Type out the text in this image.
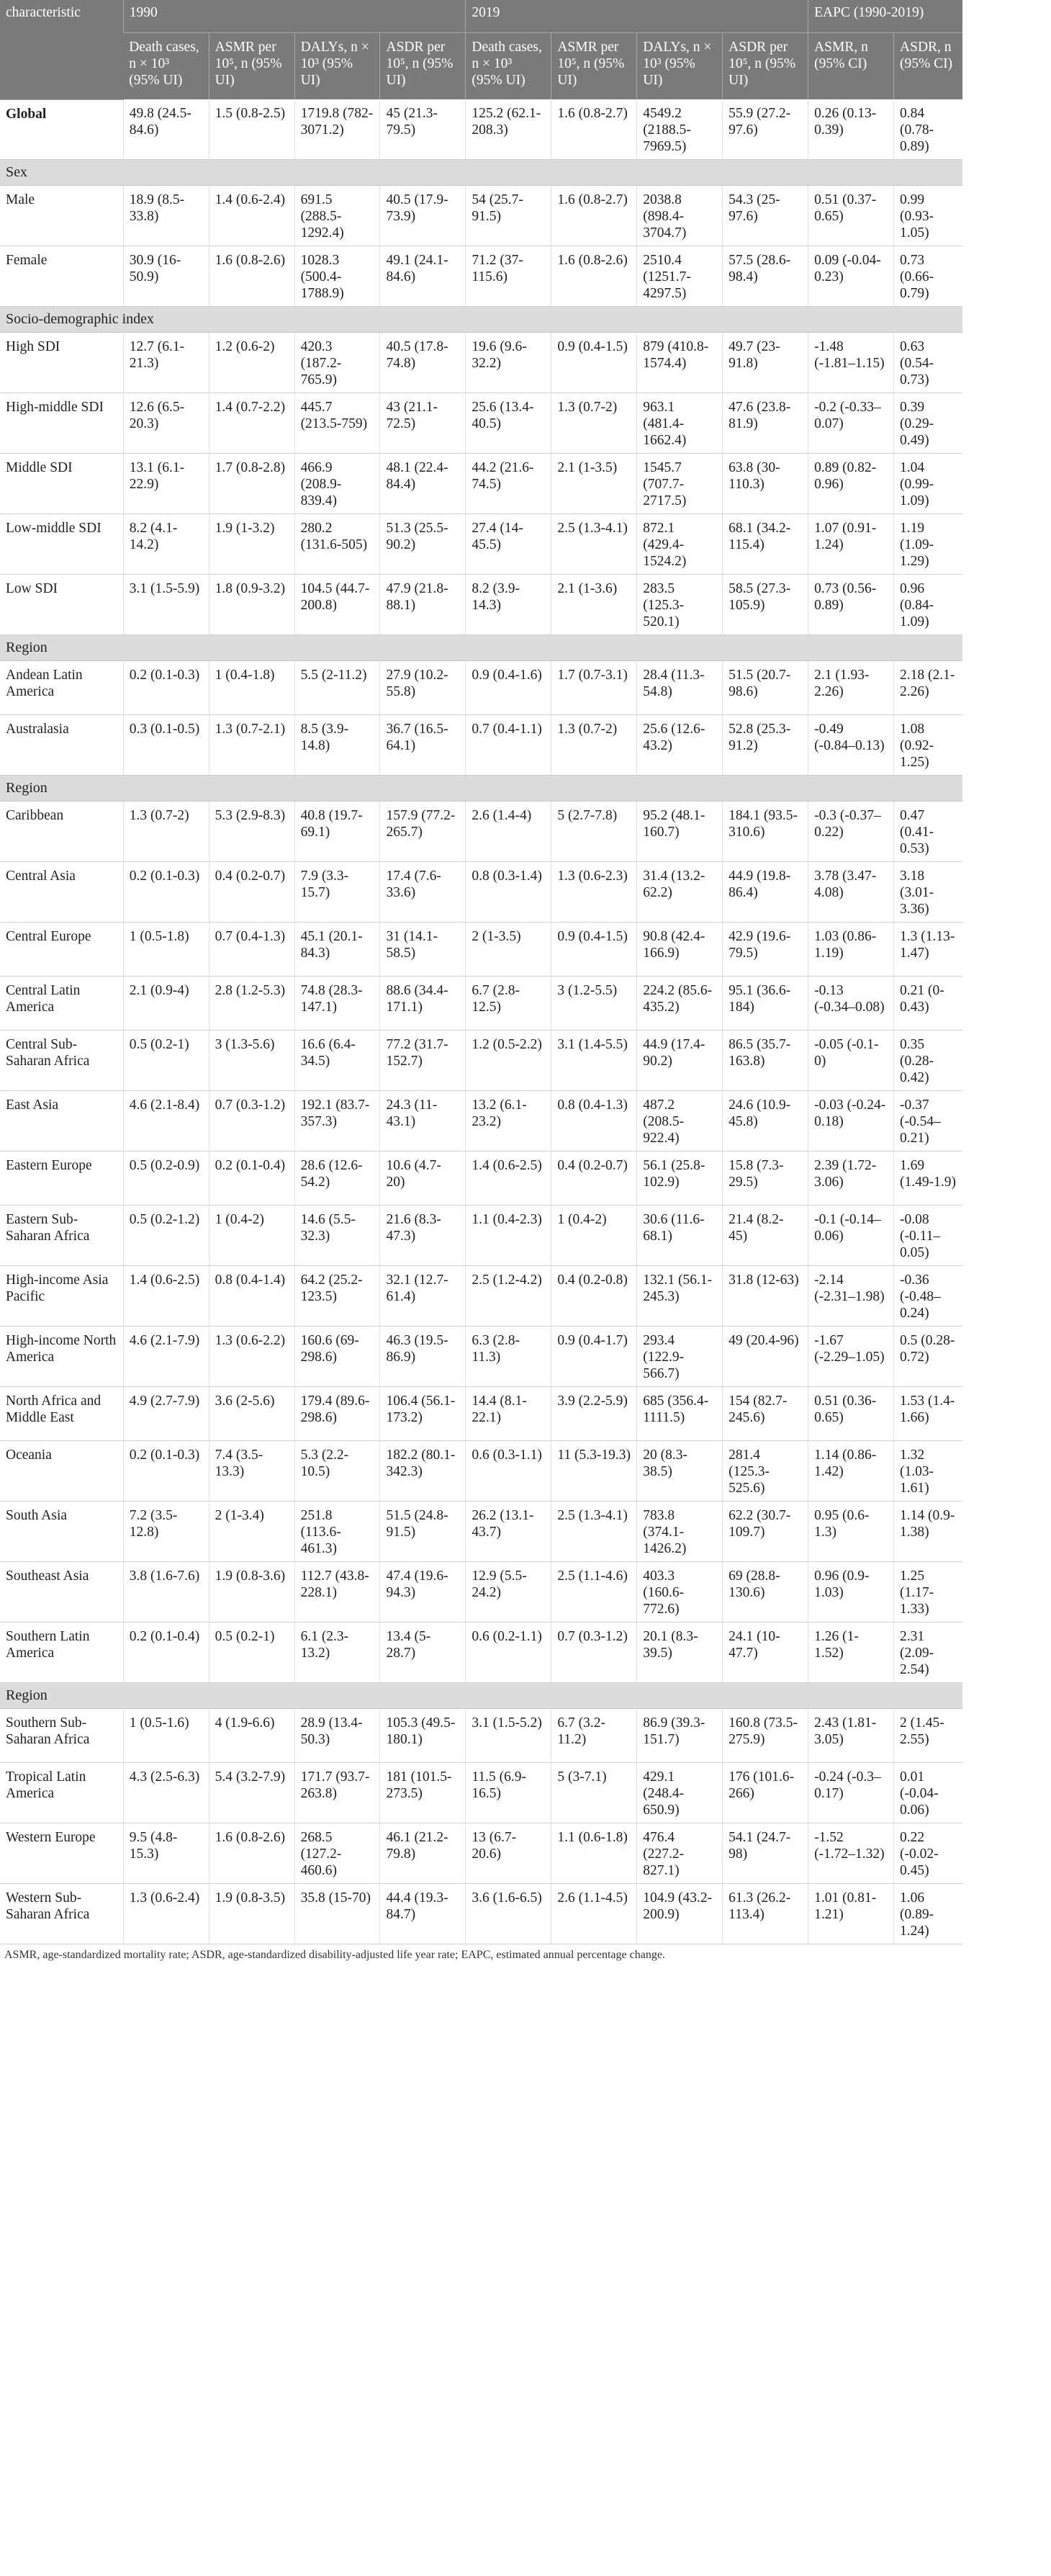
characteristic	1990				2019				EAPC (1990-2019)	
	Death cases, n × 10³ (95% UI)	ASMR per 10⁵, n (95% UI)	DALYs, n × 10³ (95% UI)	ASDR per 10⁵, n (95% UI)	Death cases, n × 10³ (95% UI)	ASMR per 10⁵, n (95% UI)	DALYs, n × 10³ (95% UI)	ASDR per 10⁵, n (95% UI)	ASMR, n (95% CI)	ASDR, n (95% CI)
Global	49.8 (24.5-84.6)	1.5 (0.8-2.5)	1719.8 (782-3071.2)	45 (21.3-79.5)	125.2 (62.1-208.3)	1.6 (0.8-2.7)	4549.2 (2188.5-7969.5)	55.9 (27.2-97.6)	0.26 (0.13-0.39)	0.84 (0.78-0.89)
Sex										
Male	18.9 (8.5-33.8)	1.4 (0.6-2.4)	691.5 (288.5-1292.4)	40.5 (17.9-73.9)	54 (25.7-91.5)	1.6 (0.8-2.7)	2038.8 (898.4-3704.7)	54.3 (25-97.6)	0.51 (0.37-0.65)	0.99 (0.93-1.05)
Female	30.9 (16-50.9)	1.6 (0.8-2.6)	1028.3 (500.4-1788.9)	49.1 (24.1-84.6)	71.2 (37-115.6)	1.6 (0.8-2.6)	2510.4 (1251.7-4297.5)	57.5 (28.6-98.4)	0.09 (-0.04-0.23)	0.73 (0.66-0.79)
Socio-demographic index										
High SDI	12.7 (6.1-21.3)	1.2 (0.6-2)	420.3 (187.2-765.9)	40.5 (17.8-74.8)	19.6 (9.6-32.2)	0.9 (0.4-1.5)	879 (410.8-1574.4)	49.7 (23-91.8)	-1.48 (-1.81–1.15)	0.63 (0.54-0.73)
High-middle SDI	12.6 (6.5-20.3)	1.4 (0.7-2.2)	445.7 (213.5-759)	43 (21.1-72.5)	25.6 (13.4-40.5)	1.3 (0.7-2)	963.1 (481.4-1662.4)	47.6 (23.8-81.9)	-0.2 (-0.33–0.07)	0.39 (0.29-0.49)
Middle SDI	13.1 (6.1-22.9)	1.7 (0.8-2.8)	466.9 (208.9-839.4)	48.1 (22.4-84.4)	44.2 (21.6-74.5)	2.1 (1-3.5)	1545.7 (707.7-2717.5)	63.8 (30-110.3)	0.89 (0.82-0.96)	1.04 (0.99-1.09)
Low-middle SDI	8.2 (4.1-14.2)	1.9 (1-3.2)	280.2 (131.6-505)	51.3 (25.5-90.2)	27.4 (14-45.5)	2.5 (1.3-4.1)	872.1 (429.4-1524.2)	68.1 (34.2-115.4)	1.07 (0.91-1.24)	1.19 (1.09-1.29)
Low SDI	3.1 (1.5-5.9)	1.8 (0.9-3.2)	104.5 (44.7-200.8)	47.9 (21.8-88.1)	8.2 (3.9-14.3)	2.1 (1-3.6)	283.5 (125.3-520.1)	58.5 (27.3-105.9)	0.73 (0.56-0.89)	0.96 (0.84-1.09)
Region										
Andean Latin America	0.2 (0.1-0.3)	1 (0.4-1.8)	5.5 (2-11.2)	27.9 (10.2-55.8)	0.9 (0.4-1.6)	1.7 (0.7-3.1)	28.4 (11.3-54.8)	51.5 (20.7-98.6)	2.1 (1.93-2.26)	2.18 (2.1-2.26)
Australasia	0.3 (0.1-0.5)	1.3 (0.7-2.1)	8.5 (3.9-14.8)	36.7 (16.5-64.1)	0.7 (0.4-1.1)	1.3 (0.7-2)	25.6 (12.6-43.2)	52.8 (25.3-91.2)	-0.49 (-0.84–0.13)	1.08 (0.92-1.25)
Region										
Caribbean	1.3 (0.7-2)	5.3 (2.9-8.3)	40.8 (19.7-69.1)	157.9 (77.2-265.7)	2.6 (1.4-4)	5 (2.7-7.8)	95.2 (48.1-160.7)	184.1 (93.5-310.6)	-0.3 (-0.37–0.22)	0.47 (0.41-0.53)
Central Asia	0.2 (0.1-0.3)	0.4 (0.2-0.7)	7.9 (3.3-15.7)	17.4 (7.6-33.6)	0.8 (0.3-1.4)	1.3 (0.6-2.3)	31.4 (13.2-62.2)	44.9 (19.8-86.4)	3.78 (3.47-4.08)	3.18 (3.01-3.36)
Central Europe	1 (0.5-1.8)	0.7 (0.4-1.3)	45.1 (20.1-84.3)	31 (14.1-58.5)	2 (1-3.5)	0.9 (0.4-1.5)	90.8 (42.4-166.9)	42.9 (19.6-79.5)	1.03 (0.86-1.19)	1.3 (1.13-1.47)
Central Latin America	2.1 (0.9-4)	2.8 (1.2-5.3)	74.8 (28.3-147.1)	88.6 (34.4-171.1)	6.7 (2.8-12.5)	3 (1.2-5.5)	224.2 (85.6-435.2)	95.1 (36.6-184)	-0.13 (-0.34–0.08)	0.21 (0-0.43)
Central Sub-Saharan Africa	0.5 (0.2-1)	3 (1.3-5.6)	16.6 (6.4-34.5)	77.2 (31.7-152.7)	1.2 (0.5-2.2)	3.1 (1.4-5.5)	44.9 (17.4-90.2)	86.5 (35.7-163.8)	-0.05 (-0.1-0)	0.35 (0.28-0.42)
East Asia	4.6 (2.1-8.4)	0.7 (0.3-1.2)	192.1 (83.7-357.3)	24.3 (11-43.1)	13.2 (6.1-23.2)	0.8 (0.4-1.3)	487.2 (208.5-922.4)	24.6 (10.9-45.8)	-0.03 (-0.24-0.18)	-0.37 (-0.54–0.21)
Eastern Europe	0.5 (0.2-0.9)	0.2 (0.1-0.4)	28.6 (12.6-54.2)	10.6 (4.7-20)	1.4 (0.6-2.5)	0.4 (0.2-0.7)	56.1 (25.8-102.9)	15.8 (7.3-29.5)	2.39 (1.72-3.06)	1.69 (1.49-1.9)
Eastern Sub-Saharan Africa	0.5 (0.2-1.2)	1 (0.4-2)	14.6 (5.5-32.3)	21.6 (8.3-47.3)	1.1 (0.4-2.3)	1 (0.4-2)	30.6 (11.6-68.1)	21.4 (8.2-45)	-0.1 (-0.14–0.06)	-0.08 (-0.11–0.05)
High-income Asia Pacific	1.4 (0.6-2.5)	0.8 (0.4-1.4)	64.2 (25.2-123.5)	32.1 (12.7-61.4)	2.5 (1.2-4.2)	0.4 (0.2-0.8)	132.1 (56.1-245.3)	31.8 (12-63)	-2.14 (-2.31–1.98)	-0.36 (-0.48–0.24)
High-income North America	4.6 (2.1-7.9)	1.3 (0.6-2.2)	160.6 (69-298.6)	46.3 (19.5-86.9)	6.3 (2.8-11.3)	0.9 (0.4-1.7)	293.4 (122.9-566.7)	49 (20.4-96)	-1.67 (-2.29–1.05)	0.5 (0.28-0.72)
North Africa and Middle East	4.9 (2.7-7.9)	3.6 (2-5.6)	179.4 (89.6-298.6)	106.4 (56.1-173.2)	14.4 (8.1-22.1)	3.9 (2.2-5.9)	685 (356.4-1111.5)	154 (82.7-245.6)	0.51 (0.36-0.65)	1.53 (1.4-1.66)
Oceania	0.2 (0.1-0.3)	7.4 (3.5-13.3)	5.3 (2.2-10.5)	182.2 (80.1-342.3)	0.6 (0.3-1.1)	11 (5.3-19.3)	20 (8.3-38.5)	281.4 (125.3-525.6)	1.14 (0.86-1.42)	1.32 (1.03-1.61)
South Asia	7.2 (3.5-12.8)	2 (1-3.4)	251.8 (113.6-461.3)	51.5 (24.8-91.5)	26.2 (13.1-43.7)	2.5 (1.3-4.1)	783.8 (374.1-1426.2)	62.2 (30.7-109.7)	0.95 (0.6-1.3)	1.14 (0.9-1.38)
Southeast Asia	3.8 (1.6-7.6)	1.9 (0.8-3.6)	112.7 (43.8-228.1)	47.4 (19.6-94.3)	12.9 (5.5-24.2)	2.5 (1.1-4.6)	403.3 (160.6-772.6)	69 (28.8-130.6)	0.96 (0.9-1.03)	1.25 (1.17-1.33)
Southern Latin America	0.2 (0.1-0.4)	0.5 (0.2-1)	6.1 (2.3-13.2)	13.4 (5-28.7)	0.6 (0.2-1.1)	0.7 (0.3-1.2)	20.1 (8.3-39.5)	24.1 (10-47.7)	1.26 (1-1.52)	2.31 (2.09-2.54)
Region										
Southern Sub-Saharan Africa	1 (0.5-1.6)	4 (1.9-6.6)	28.9 (13.4-50.3)	105.3 (49.5-180.1)	3.1 (1.5-5.2)	6.7 (3.2-11.2)	86.9 (39.3-151.7)	160.8 (73.5-275.9)	2.43 (1.81-3.05)	2 (1.45-2.55)
Tropical Latin America	4.3 (2.5-6.3)	5.4 (3.2-7.9)	171.7 (93.7-263.8)	181 (101.5-273.5)	11.5 (6.9-16.5)	5 (3-7.1)	429.1 (248.4-650.9)	176 (101.6-266)	-0.24 (-0.3–0.17)	0.01 (-0.04-0.06)
Western Europe	9.5 (4.8-15.3)	1.6 (0.8-2.6)	268.5 (127.2-460.6)	46.1 (21.2-79.8)	13 (6.7-20.6)	1.1 (0.6-1.8)	476.4 (227.2-827.1)	54.1 (24.7-98)	-1.52 (-1.72–1.32)	0.22 (-0.02-0.45)
Western Sub-Saharan Africa	1.3 (0.6-2.4)	1.9 (0.8-3.5)	35.8 (15-70)	44.4 (19.3-84.7)	3.6 (1.6-6.5)	2.6 (1.1-4.5)	104.9 (43.2-200.9)	61.3 (26.2-113.4)	1.01 (0.81-1.21)	1.06 (0.89-1.24)
ASMR, age-standardized mortality rate; ASDR, age-standardized disability-adjusted life year rate; EAPC, estimated annual percentage change.
